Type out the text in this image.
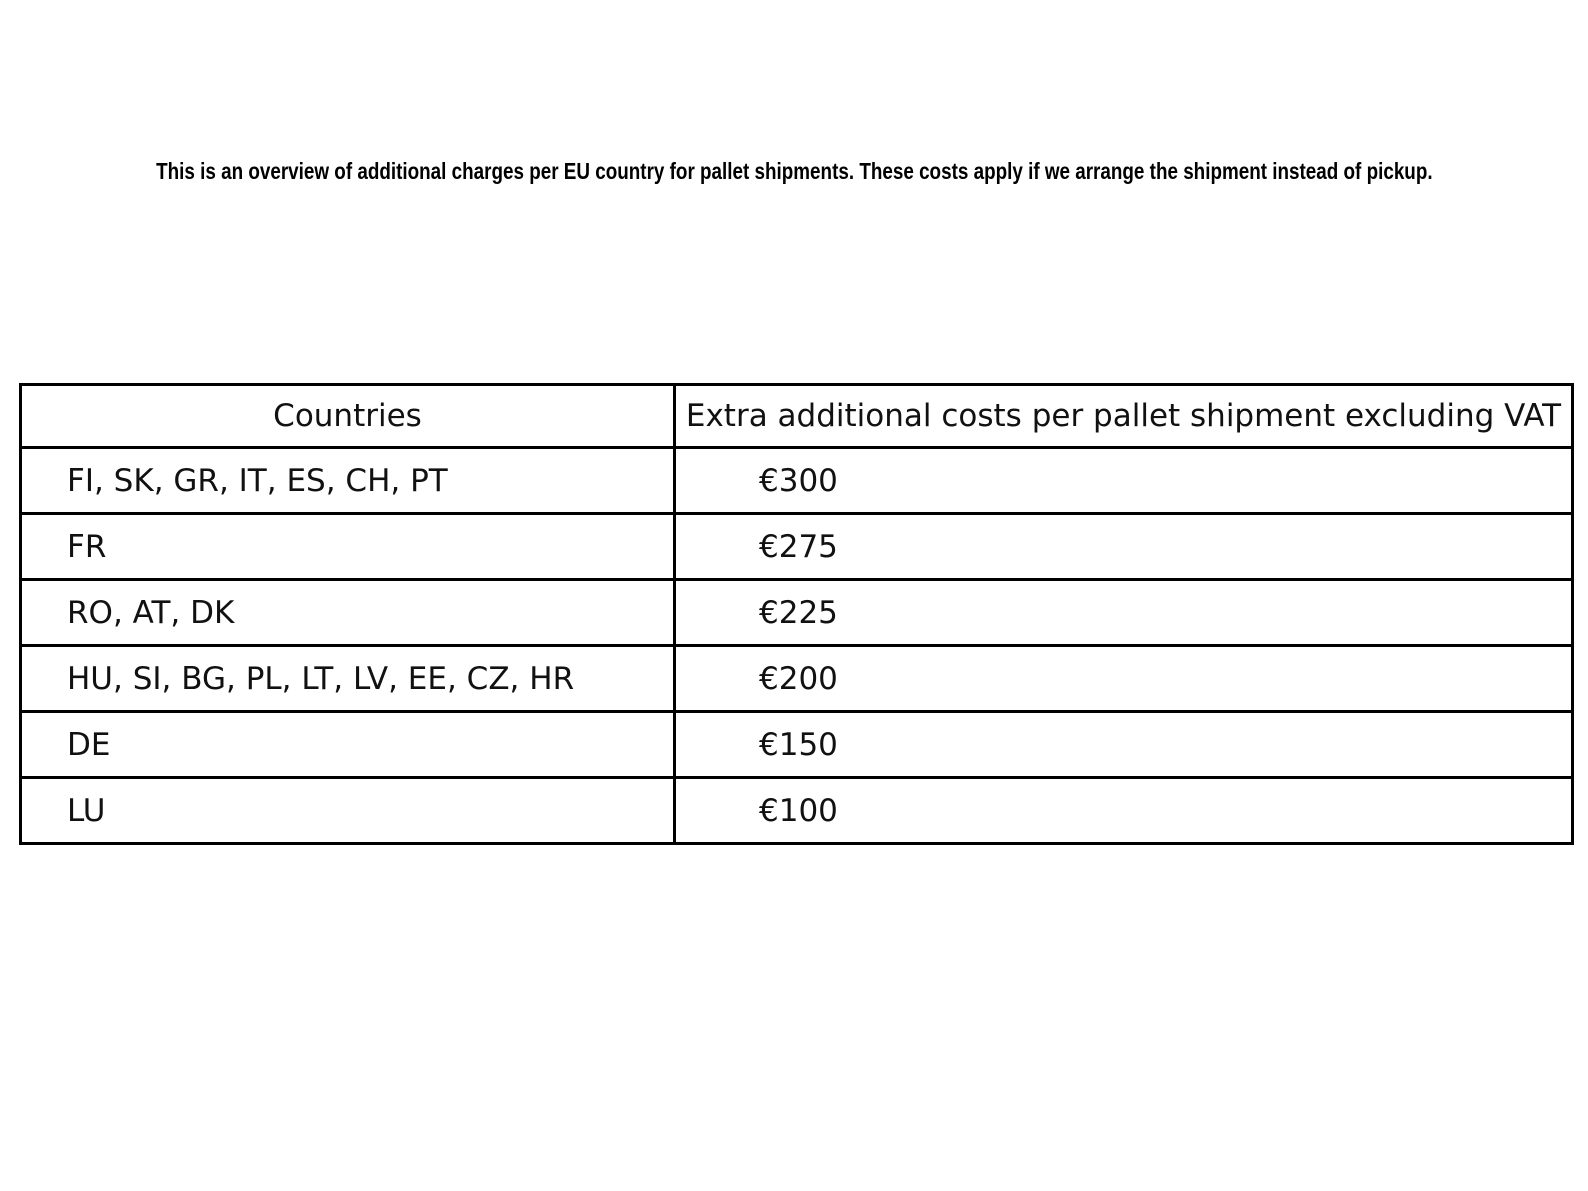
This is an overview of additional charges per EU country for pallet shipments. These costs apply if we arrange the shipment instead of pickup.
Countries	Extra additional costs per pallet shipment excluding VAT
FI, SK, GR, IT, ES, CH, PT	€300
FR	€275
RO, AT, DK	€225
HU, SI, BG, PL, LT, LV, EE, CZ, HR	€200
DE	€150
LU	€100
